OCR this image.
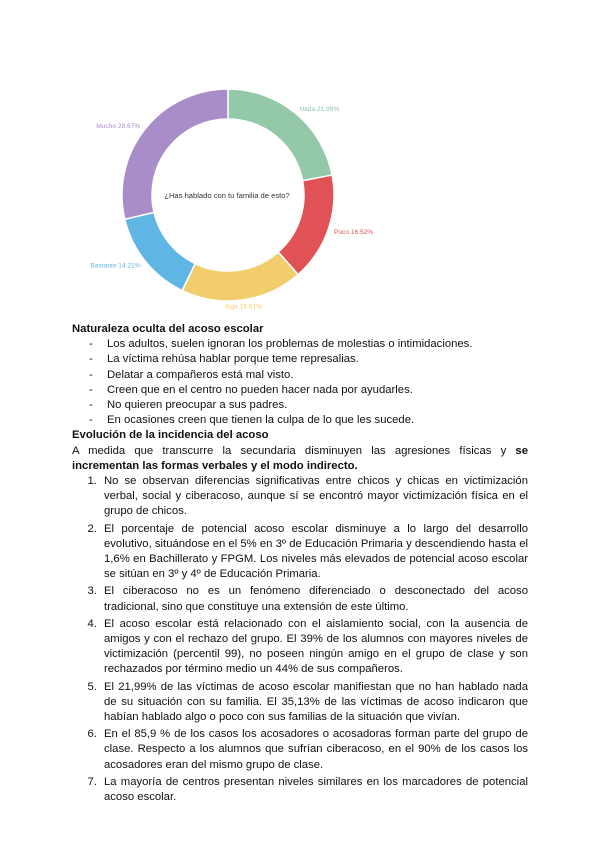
Nada 21.99%
Poco 16.52%
Algo 18.61%
Bastante 14.21%
Mucho 28.67%
¿Has hablado con tu familia de esto?

Naturaleza oculta del acoso escolar

- Los adultos, suelen ignoran los problemas de molestias o intimidaciones.
- La víctima rehúsa hablar porque teme represalias.
- Delatar a compañeros está mal visto.
- Creen que en el centro no pueden hacer nada por ayudarles.
- No quieren preocupar a sus padres.
- En ocasiones creen que tienen la culpa de lo que les sucede.

Evolución de la incidencia del acoso

A medida que transcurre la secundaria disminuyen las agresiones físicas y se incrementan las formas verbales y el modo indirecto.

1. No se observan diferencias significativas entre chicos y chicas en victimización verbal, social y ciberacoso, aunque sí se encontró mayor victimización física en el grupo de chicos.
2. El porcentaje de potencial acoso escolar disminuye a lo largo del desarrollo evolutivo, situándose en el 5% en 3º de Educación Primaria y descendiendo hasta el 1,6% en Bachillerato y FPGM. Los niveles más elevados de potencial acoso escolar se sitúan en 3º y 4º de Educación Primaria.
3. El ciberacoso no es un fenómeno diferenciado o desconectado del acoso tradicional, sino que constituye una extensión de este último.
4. El acoso escolar está relacionado con el aislamiento social, con la ausencia de amigos y con el rechazo del grupo. El 39% de los alumnos con mayores niveles de victimización (percentil 99), no poseen ningún amigo en el grupo de clase y son rechazados por término medio un 44% de sus compañeros.
5. El 21,99% de las víctimas de acoso escolar manifiestan que no han hablado nada de su situación con su familia. El 35,13% de las víctimas de acoso indicaron que habían hablado algo o poco con sus familias de la situación que vivían.
6. En el 85,9 % de los casos los acosadores o acosadoras forman parte del grupo de clase. Respecto a los alumnos que sufrían ciberacoso, en el 90% de los casos los acosadores eran del mismo grupo de clase.
7. La mayoría de centros presentan niveles similares en los marcadores de potencial acoso escolar.
